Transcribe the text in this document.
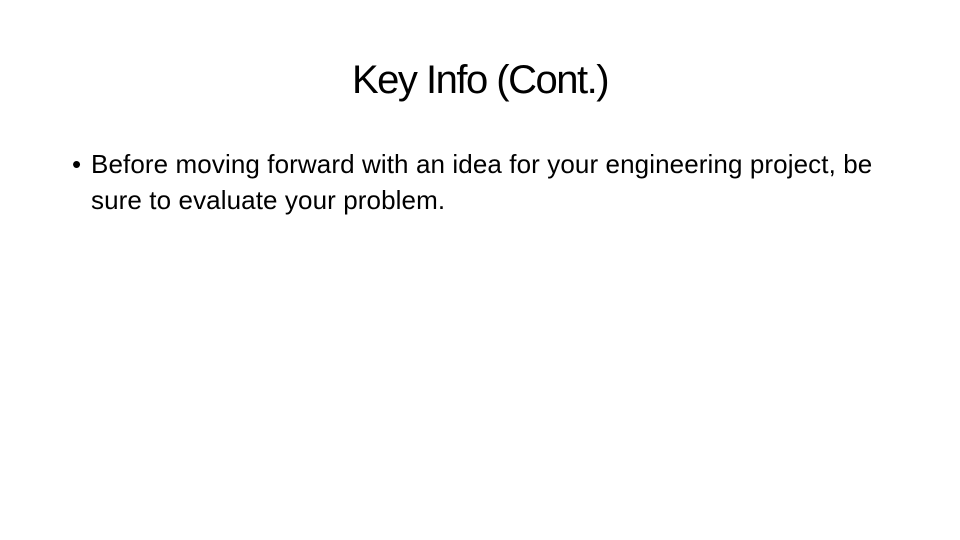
Key Info (Cont.)
• Before moving forward with an idea for your engineering project, be sure to evaluate your problem.
